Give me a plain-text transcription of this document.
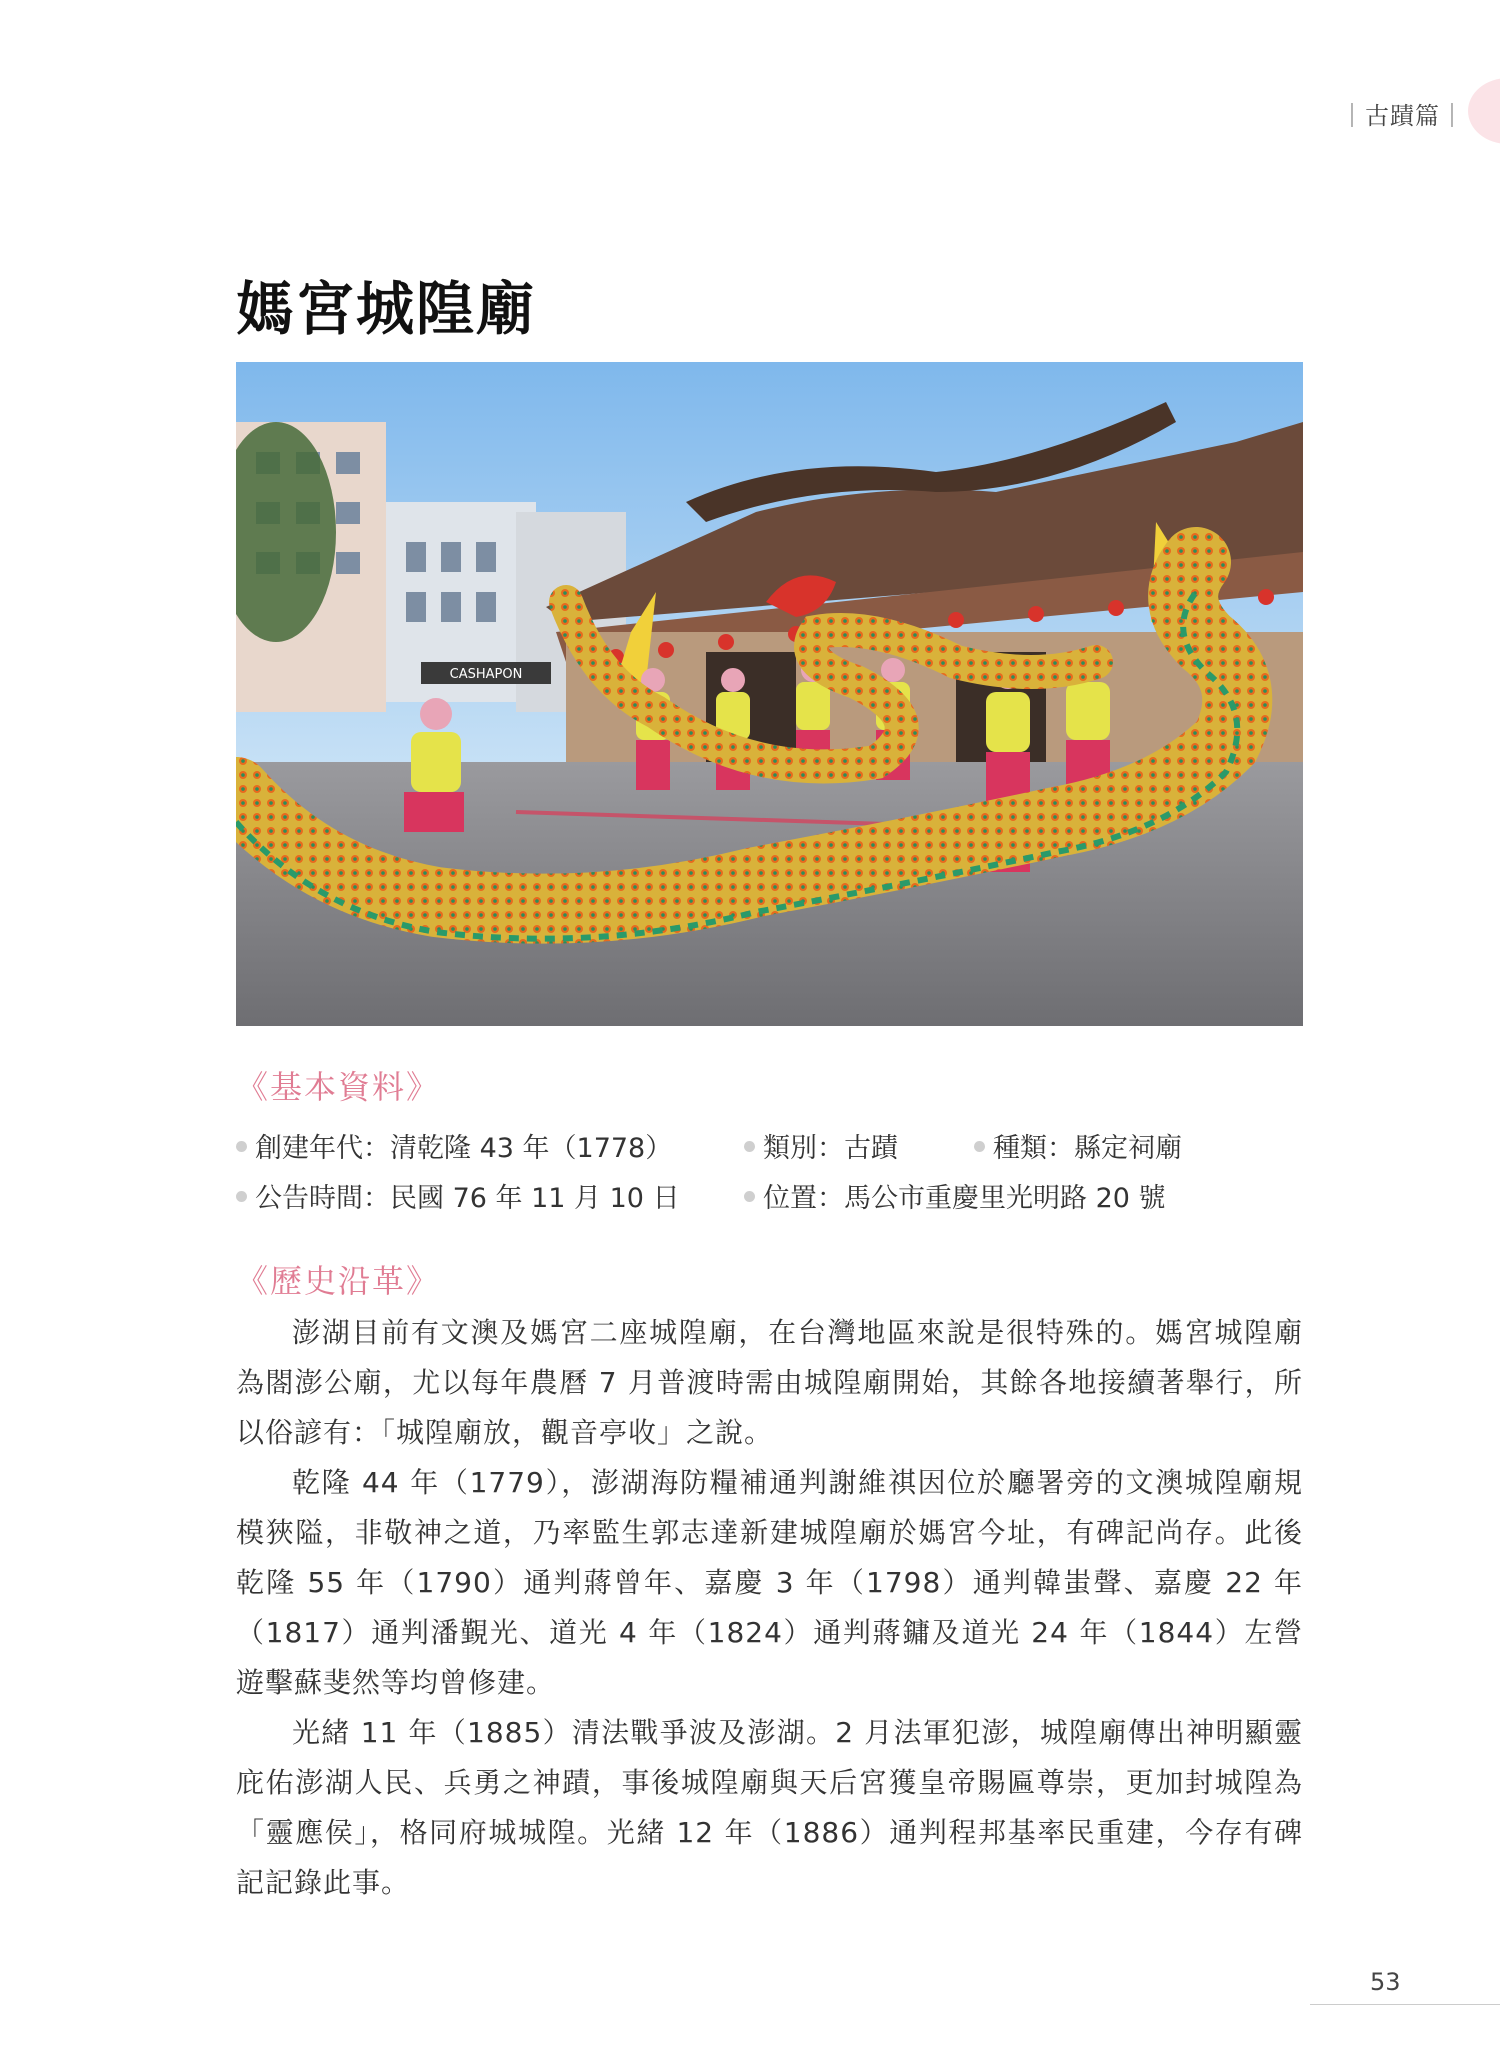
｜古蹟篇｜
媽宮城隍廟
CASHAPON
《基本資料》
創建年代：清乾隆 43 年（1778）	類別：古蹟	種類：縣定祠廟
公告時間：民國 76 年 11 月 10 日	位置：馬公市重慶里光明路 20 號
《歷史沿革》

澎湖目前有文澳及媽宮二座城隍廟，在台灣地區來說是很特殊的。媽宮城隍廟為閤澎公廟，尤以每年農曆 7 月普渡時需由城隍廟開始，其餘各地接續著舉行，所以俗諺有：「城隍廟放，觀音亭收」之說。

乾隆 44 年（1779），澎湖海防糧補通判謝維祺因位於廳署旁的文澳城隍廟規模狹隘，非敬神之道，乃率監生郭志達新建城隍廟於媽宮今址，有碑記尚存。此後乾隆 55 年（1790）通判蔣曾年、嘉慶 3 年（1798）通判韓蚩聲、嘉慶 22 年（1817）通判潘覲光、道光 4 年（1824）通判蔣鏞及道光 24 年（1844）左營遊擊蘇斐然等均曾修建。

光緒 11 年（1885）清法戰爭波及澎湖。2 月法軍犯澎，城隍廟傳出神明顯靈庇佑澎湖人民、兵勇之神蹟，事後城隍廟與天后宮獲皇帝賜匾尊崇，更加封城隍為「靈應侯」，格同府城城隍。光緒 12 年（1886）通判程邦基率民重建，今存有碑記記錄此事。

53
